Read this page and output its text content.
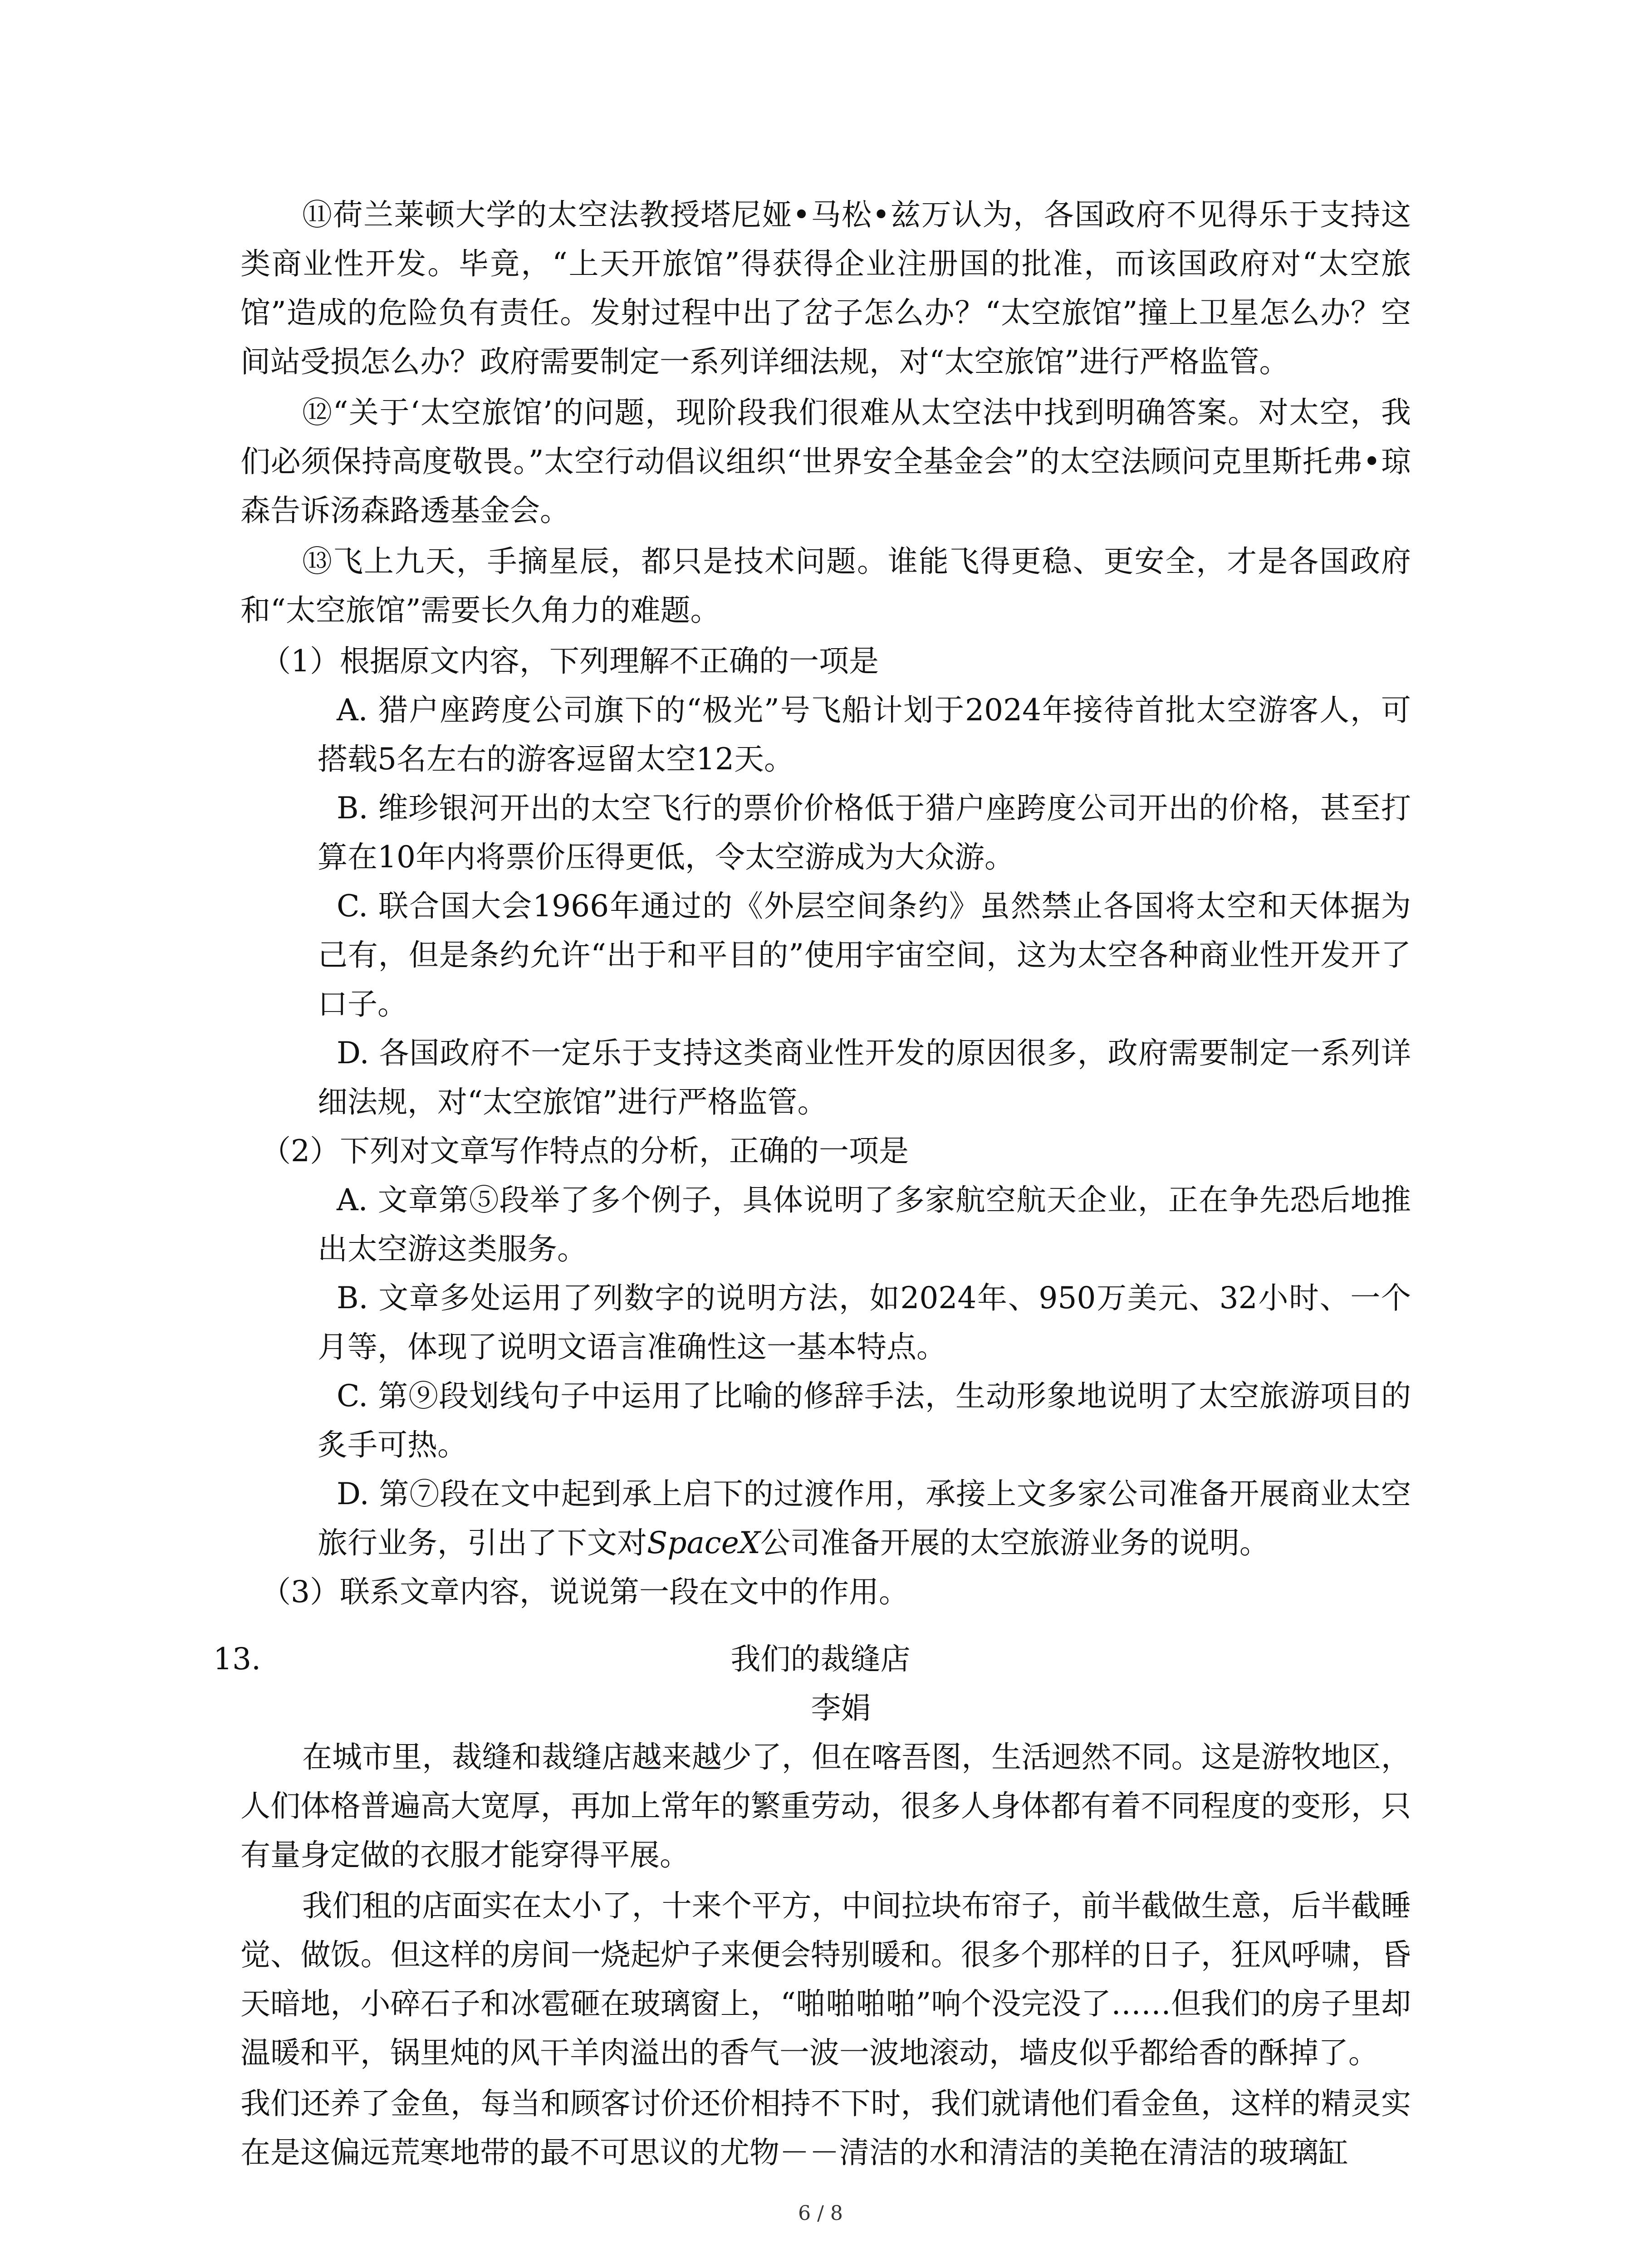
⑪荷兰莱顿大学的太空法教授塔尼娅•马松•兹万认为，各国政府不见得乐于支持这类商业性开发。毕竟，“上天开旅馆”得获得企业注册国的批准，而该国政府对“太空旅馆”造成的危险负有责任。发射过程中出了岔子怎么办？“太空旅馆”撞上卫星怎么办？空间站受损怎么办？政府需要制定一系列详细法规，对“太空旅馆”进行严格监管。
⑫“关于‘太空旅馆’的问题，现阶段我们很难从太空法中找到明确答案。对太空，我们必须保持高度敬畏。”太空行动倡议组织“世界安全基金会”的太空法顾问克里斯托弗•琼森告诉汤森路透基金会。
⑬飞上九天，手摘星辰，都只是技术问题。谁能飞得更稳、更安全，才是各国政府和“太空旅馆”需要长久角力的难题。
（1）根据原文内容，下列理解不正确的一项是
A. 猎户座跨度公司旗下的“极光”号飞船计划于2024年接待首批太空游客人，可搭载5名左右的游客逗留太空12天。
B. 维珍银河开出的太空飞行的票价价格低于猎户座跨度公司开出的价格，甚至打算在10年内将票价压得更低，令太空游成为大众游。
C. 联合国大会1966年通过的《外层空间条约》虽然禁止各国将太空和天体据为己有，但是条约允许“出于和平目的”使用宇宙空间，这为太空各种商业性开发开了口子。
D. 各国政府不一定乐于支持这类商业性开发的原因很多，政府需要制定一系列详细法规，对“太空旅馆”进行严格监管。
（2）下列对文章写作特点的分析，正确的一项是
A. 文章第⑤段举了多个例子，具体说明了多家航空航天企业，正在争先恐后地推出太空游这类服务。
B. 文章多处运用了列数字的说明方法，如2024年、950万美元、32小时、一个月等，体现了说明文语言准确性这一基本特点。
C. 第⑨段划线句子中运用了比喻的修辞手法，生动形象地说明了太空旅游项目的炙手可热。
D. 第⑦段在文中起到承上启下的过渡作用，承接上文多家公司准备开展商业太空旅行业务，引出了下文对SpaceX公司准备开展的太空旅游业务的说明。
（3）联系文章内容，说说第一段在文中的作用。
13.	我们的裁缝店
李娟
在城市里，裁缝和裁缝店越来越少了，但在喀吾图，生活迥然不同。这是游牧地区，人们体格普遍高大宽厚，再加上常年的繁重劳动，很多人身体都有着不同程度的变形，只有量身定做的衣服才能穿得平展。
我们租的店面实在太小了，十来个平方，中间拉块布帘子，前半截做生意，后半截睡觉、做饭。但这样的房间一烧起炉子来便会特别暖和。很多个那样的日子，狂风呼啸，昏天暗地，小碎石子和冰雹砸在玻璃窗上，“啪啪啪啪”响个没完没了……但我们的房子里却温暖和平，锅里炖的风干羊肉溢出的香气一波一波地滚动，墙皮似乎都给香的酥掉了。
我们还养了金鱼，每当和顾客讨价还价相持不下时，我们就请他们看金鱼，这样的精灵实在是这偏远荒寒地带的最不可思议的尤物－－清洁的水和清洁的美艳在清洁的玻璃缸
6 / 8
